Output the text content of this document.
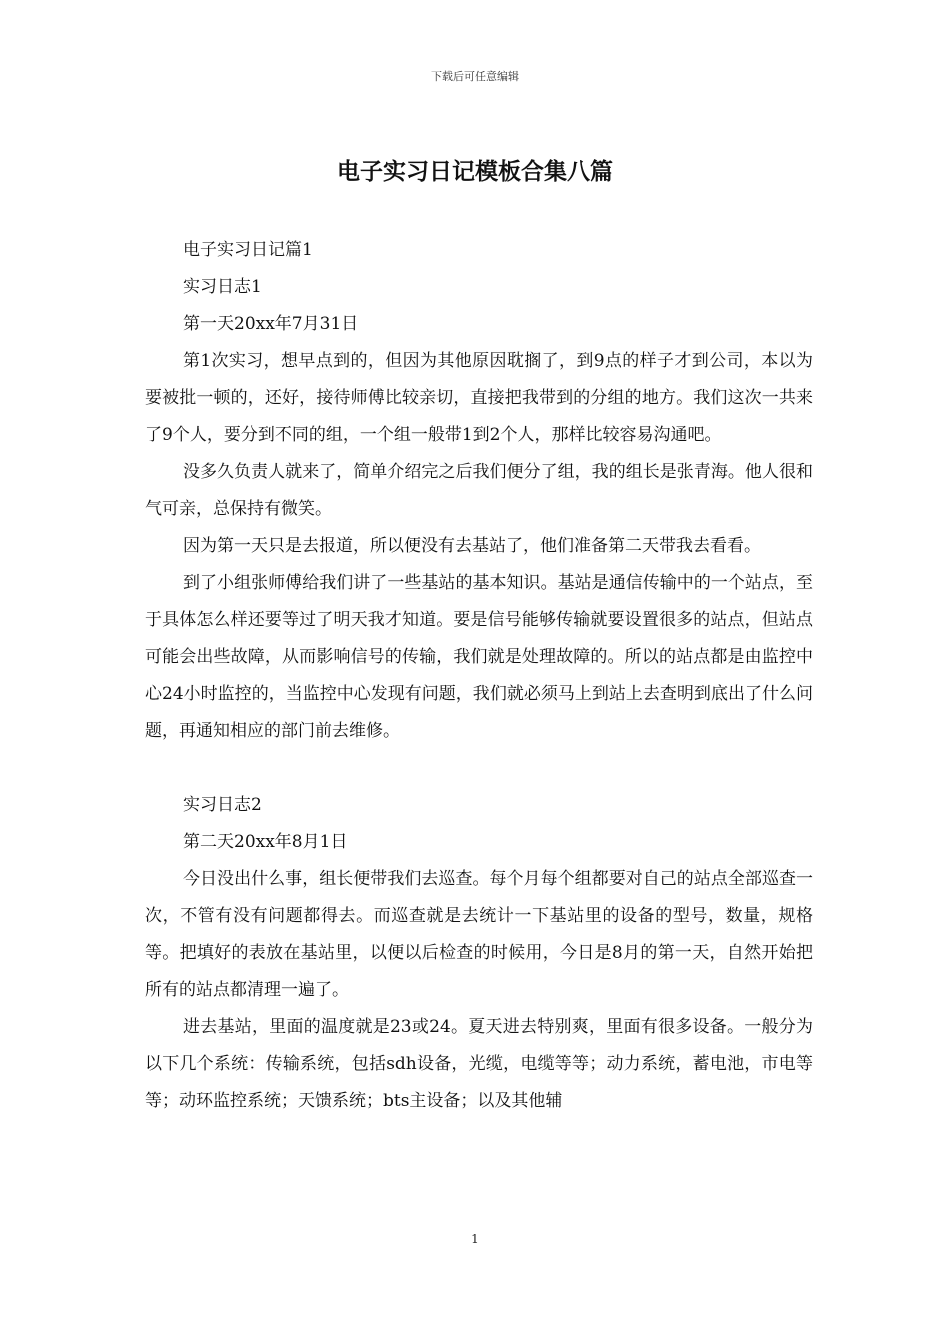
下载后可任意编辑
电子实习日记模板合集八篇

电子实习日记篇1

实习日志1

第一天20xx年7月31日

第1次实习，想早点到的，但因为其他原因耽搁了，到9点的样子才到公司，本以为要被批一顿的，还好，接待师傅比较亲切，直接把我带到的分组的地方。我们这次一共来了9个人，要分到不同的组，一个组一般带1到2个人，那样比较容易沟通吧。

没多久负责人就来了，简单介绍完之后我们便分了组，我的组长是张青海。他人很和气可亲，总保持有微笑。

因为第一天只是去报道，所以便没有去基站了，他们准备第二天带我去看看。

到了小组张师傅给我们讲了一些基站的基本知识。基站是通信传输中的一个站点，至于具体怎么样还要等过了明天我才知道。要是信号能够传输就要设置很多的站点，但站点可能会出些故障，从而影响信号的传输，我们就是处理故障的。所以的站点都是由监控中心24小时监控的，当监控中心发现有问题，我们就必须马上到站上去查明到底出了什么问题，再通知相应的部门前去维修。

实习日志2

第二天20xx年8月1日

今日没出什么事，组长便带我们去巡查。每个月每个组都要对自己的站点全部巡查一次，不管有没有问题都得去。而巡查就是去统计一下基站里的设备的型号，数量，规格等。把填好的表放在基站里，以便以后检查的时候用，今日是8月的第一天，自然开始把所有的站点都清理一遍了。

进去基站，里面的温度就是23或24。夏天进去特别爽，里面有很多设备。一般分为以下几个系统：传输系统，包括sdh设备，光缆，电缆等等；动力系统，蓄电池，市电等等；动环监控系统；天馈系统；bts主设备；以及其他辅

1
